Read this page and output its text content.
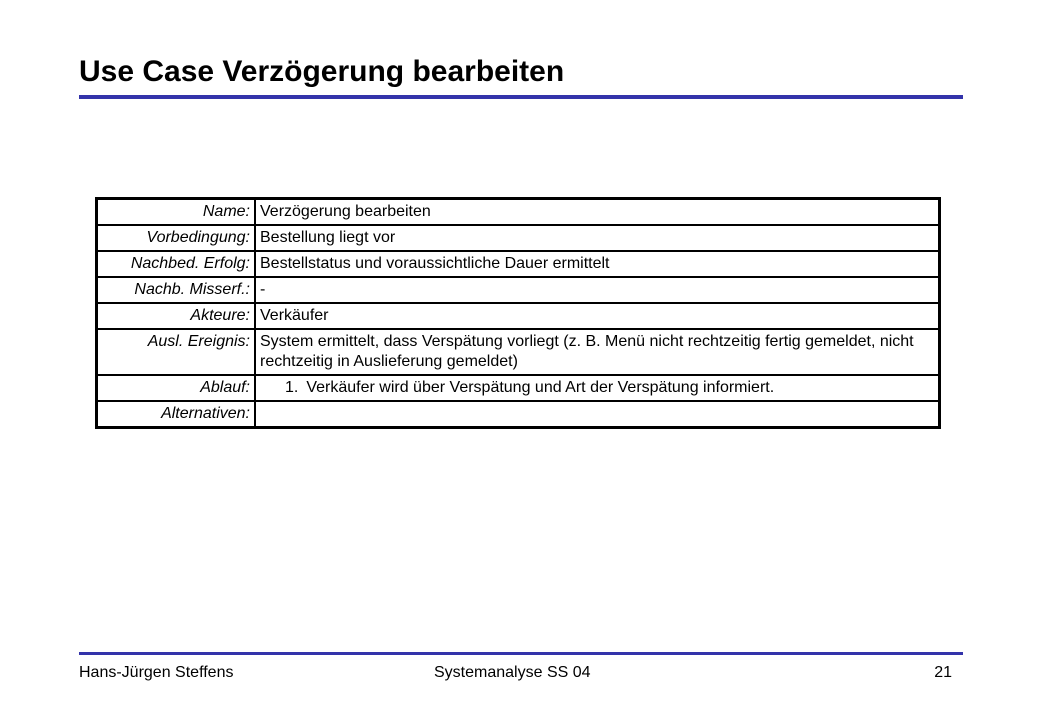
Use Case Verzögerung bearbeiten
Name:	Verzögerung bearbeiten
Vorbedingung:	Bestellung liegt vor
Nachbed. Erfolg:	Bestellstatus und voraussichtliche Dauer ermittelt
Nachb. Misserf.:	-
Akteure:	Verkäufer
Ausl. Ereignis:	System ermittelt, dass Verspätung vorliegt (z. B. Menü nicht rechtzeitig fertig gemeldet, nicht rechtzeitig in Auslieferung gemeldet)
Ablauf:	1. Verkäufer wird über Verspätung und Art der Verspätung informiert.

Alternativen:	
Hans-Jürgen Steffens	Systemanalyse SS 04	21
